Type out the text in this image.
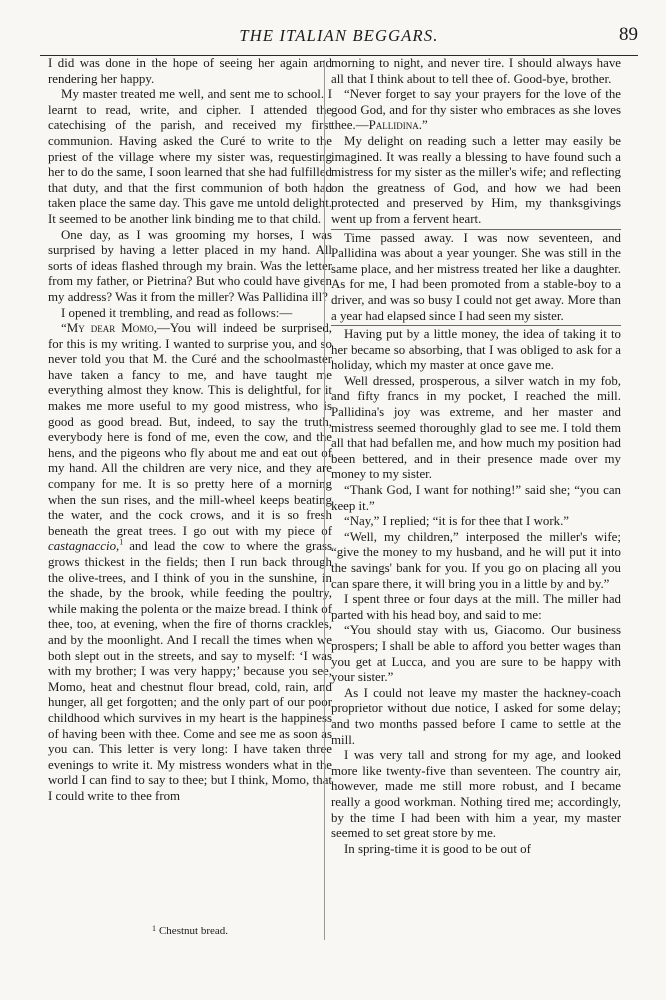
THE ITALIAN BEGGARS.	89

I did was done in the hope of seeing her again and rendering her happy.

My master treated me well, and sent me to school. I learnt to read, write, and cipher. I attended the catechising of the parish, and received my first communion. Having asked the Curé to write to the priest of the village where my sister was, requesting her to do the same, I soon learned that she had fulfilled that duty, and that the first communion of both had taken place the same day. This gave me untold delight. It seemed to be another link binding me to that child.

One day, as I was grooming my horses, I was surprised by having a letter placed in my hand. All sorts of ideas flashed through my brain. Was the letter from my father, or Pietrina? But who could have given my address? Was it from the miller? Was Pallidina ill?

I opened it trembling, and read as follows:—

“My dear Momo,—You will indeed be surprised, for this is my writing. I wanted to surprise you, and so never told you that M. the Curé and the schoolmaster have taken a fancy to me, and have taught me everything almost they know. This is delightful, for it makes me more useful to my good mistress, who is good as good bread. But, indeed, to say the truth, everybody here is fond of me, even the cow, and the hens, and the pigeons who fly about me and eat out of my hand. All the children are very nice, and they are company for me. It is so pretty here of a morning when the sun rises, and the mill-wheel keeps beating the water, and the cock crows, and it is so fresh beneath the great trees. I go out with my piece of castagnaccio,$^1$ and lead the cow to where the grass grows thickest in the fields; then I run back through the olive-trees, and I think of you in the sunshine, in the shade, by the brook, while feeding the poultry, while making the polenta or the maize bread. I think of thee, too, at evening, when the fire of thorns crackles, and by the moonlight. And I recall the times when we both slept out in the streets, and say to myself: ‘I was with my brother; I was very happy;’ because you see, Momo, heat and chestnut flour bread, cold, rain, and hunger, all get forgotten; and the only part of our poor childhood which survives in my heart is the happiness of having been with thee. Come and see me as soon as you can. This letter is very long: I have taken three evenings to write it. My mistress wonders what in the world I can find to say to thee; but I think, Momo, that I could write to thee from

morning to night, and never tire. I should always have all that I think about to tell thee of. Good-bye, brother.

“Never forget to say your prayers for the love of the good God, and for thy sister who embraces as she loves thee.—Pallidina.”

My delight on reading such a letter may easily be imagined. It was really a blessing to have found such a mistress for my sister as the miller's wife; and reflecting on the greatness of God, and how we had been protected and preserved by Him, my thanksgivings went up from a fervent heart.

Time passed away. I was now seventeen, and Pallidina was about a year younger. She was still in the same place, and her mistress treated her like a daughter. As for me, I had been promoted from a stable-boy to a driver, and was so busy I could not get away. More than a year had elapsed since I had seen my sister.

Having put by a little money, the idea of taking it to her became so absorbing, that I was obliged to ask for a holiday, which my master at once gave me.

Well dressed, prosperous, a silver watch in my fob, and fifty francs in my pocket, I reached the mill. Pallidina's joy was extreme, and her master and mistress seemed thoroughly glad to see me. I told them all that had befallen me, and how much my position had been bettered, and in their presence made over my money to my sister.

“Thank God, I want for nothing!” said she; “you can keep it.”

“Nay,” I replied; “it is for thee that I work.”

“Well, my children,” interposed the miller's wife; “give the money to my husband, and he will put it into the savings' bank for you. If you go on placing all you can spare there, it will bring you in a little by and by.”

I spent three or four days at the mill. The miller had parted with his head boy, and said to me:

“You should stay with us, Giacomo. Our business prospers; I shall be able to afford you better wages than you get at Lucca, and you are sure to be happy with your sister.”

As I could not leave my master the hackney-coach proprietor without due notice, I asked for some delay; and two months passed before I came to settle at the mill.

I was very tall and strong for my age, and looked more like twenty-five than seventeen. The country air, however, made me still more robust, and I became really a good workman. Nothing tired me; accordingly, by the time I had been with him a year, my master seemed to set great store by me.

In spring-time it is good to be out of

$^1$ Chestnut bread.
